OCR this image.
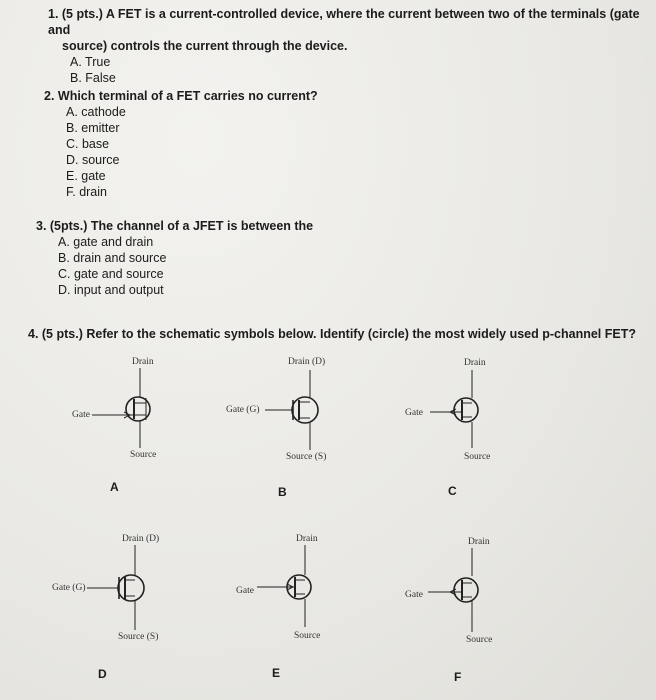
1. (5 pts.) A FET is a current-controlled device, where the current between two of the terminals (gate and
source) controls the current through the device.
A. True
B. False
2. Which terminal of a FET carries no current?
A. cathode
B. emitter
C. base
D. source
E. gate
F. drain
3. (5pts.) The channel of a JFET is between the
A. gate and drain
B. drain and source
C. gate and source
D. input and output
4. (5 pts.) Refer to the schematic symbols below. Identify (circle) the most widely used p-channel FET?
Drain
Gate
Source
A
Drain (D)
Gate (G)
Source (S)
B
Drain
Gate
Source
C
Drain (D)
Gate (G)
Source (S)
D
Drain
Gate
Source
E
Drain
Gate
Source
F
